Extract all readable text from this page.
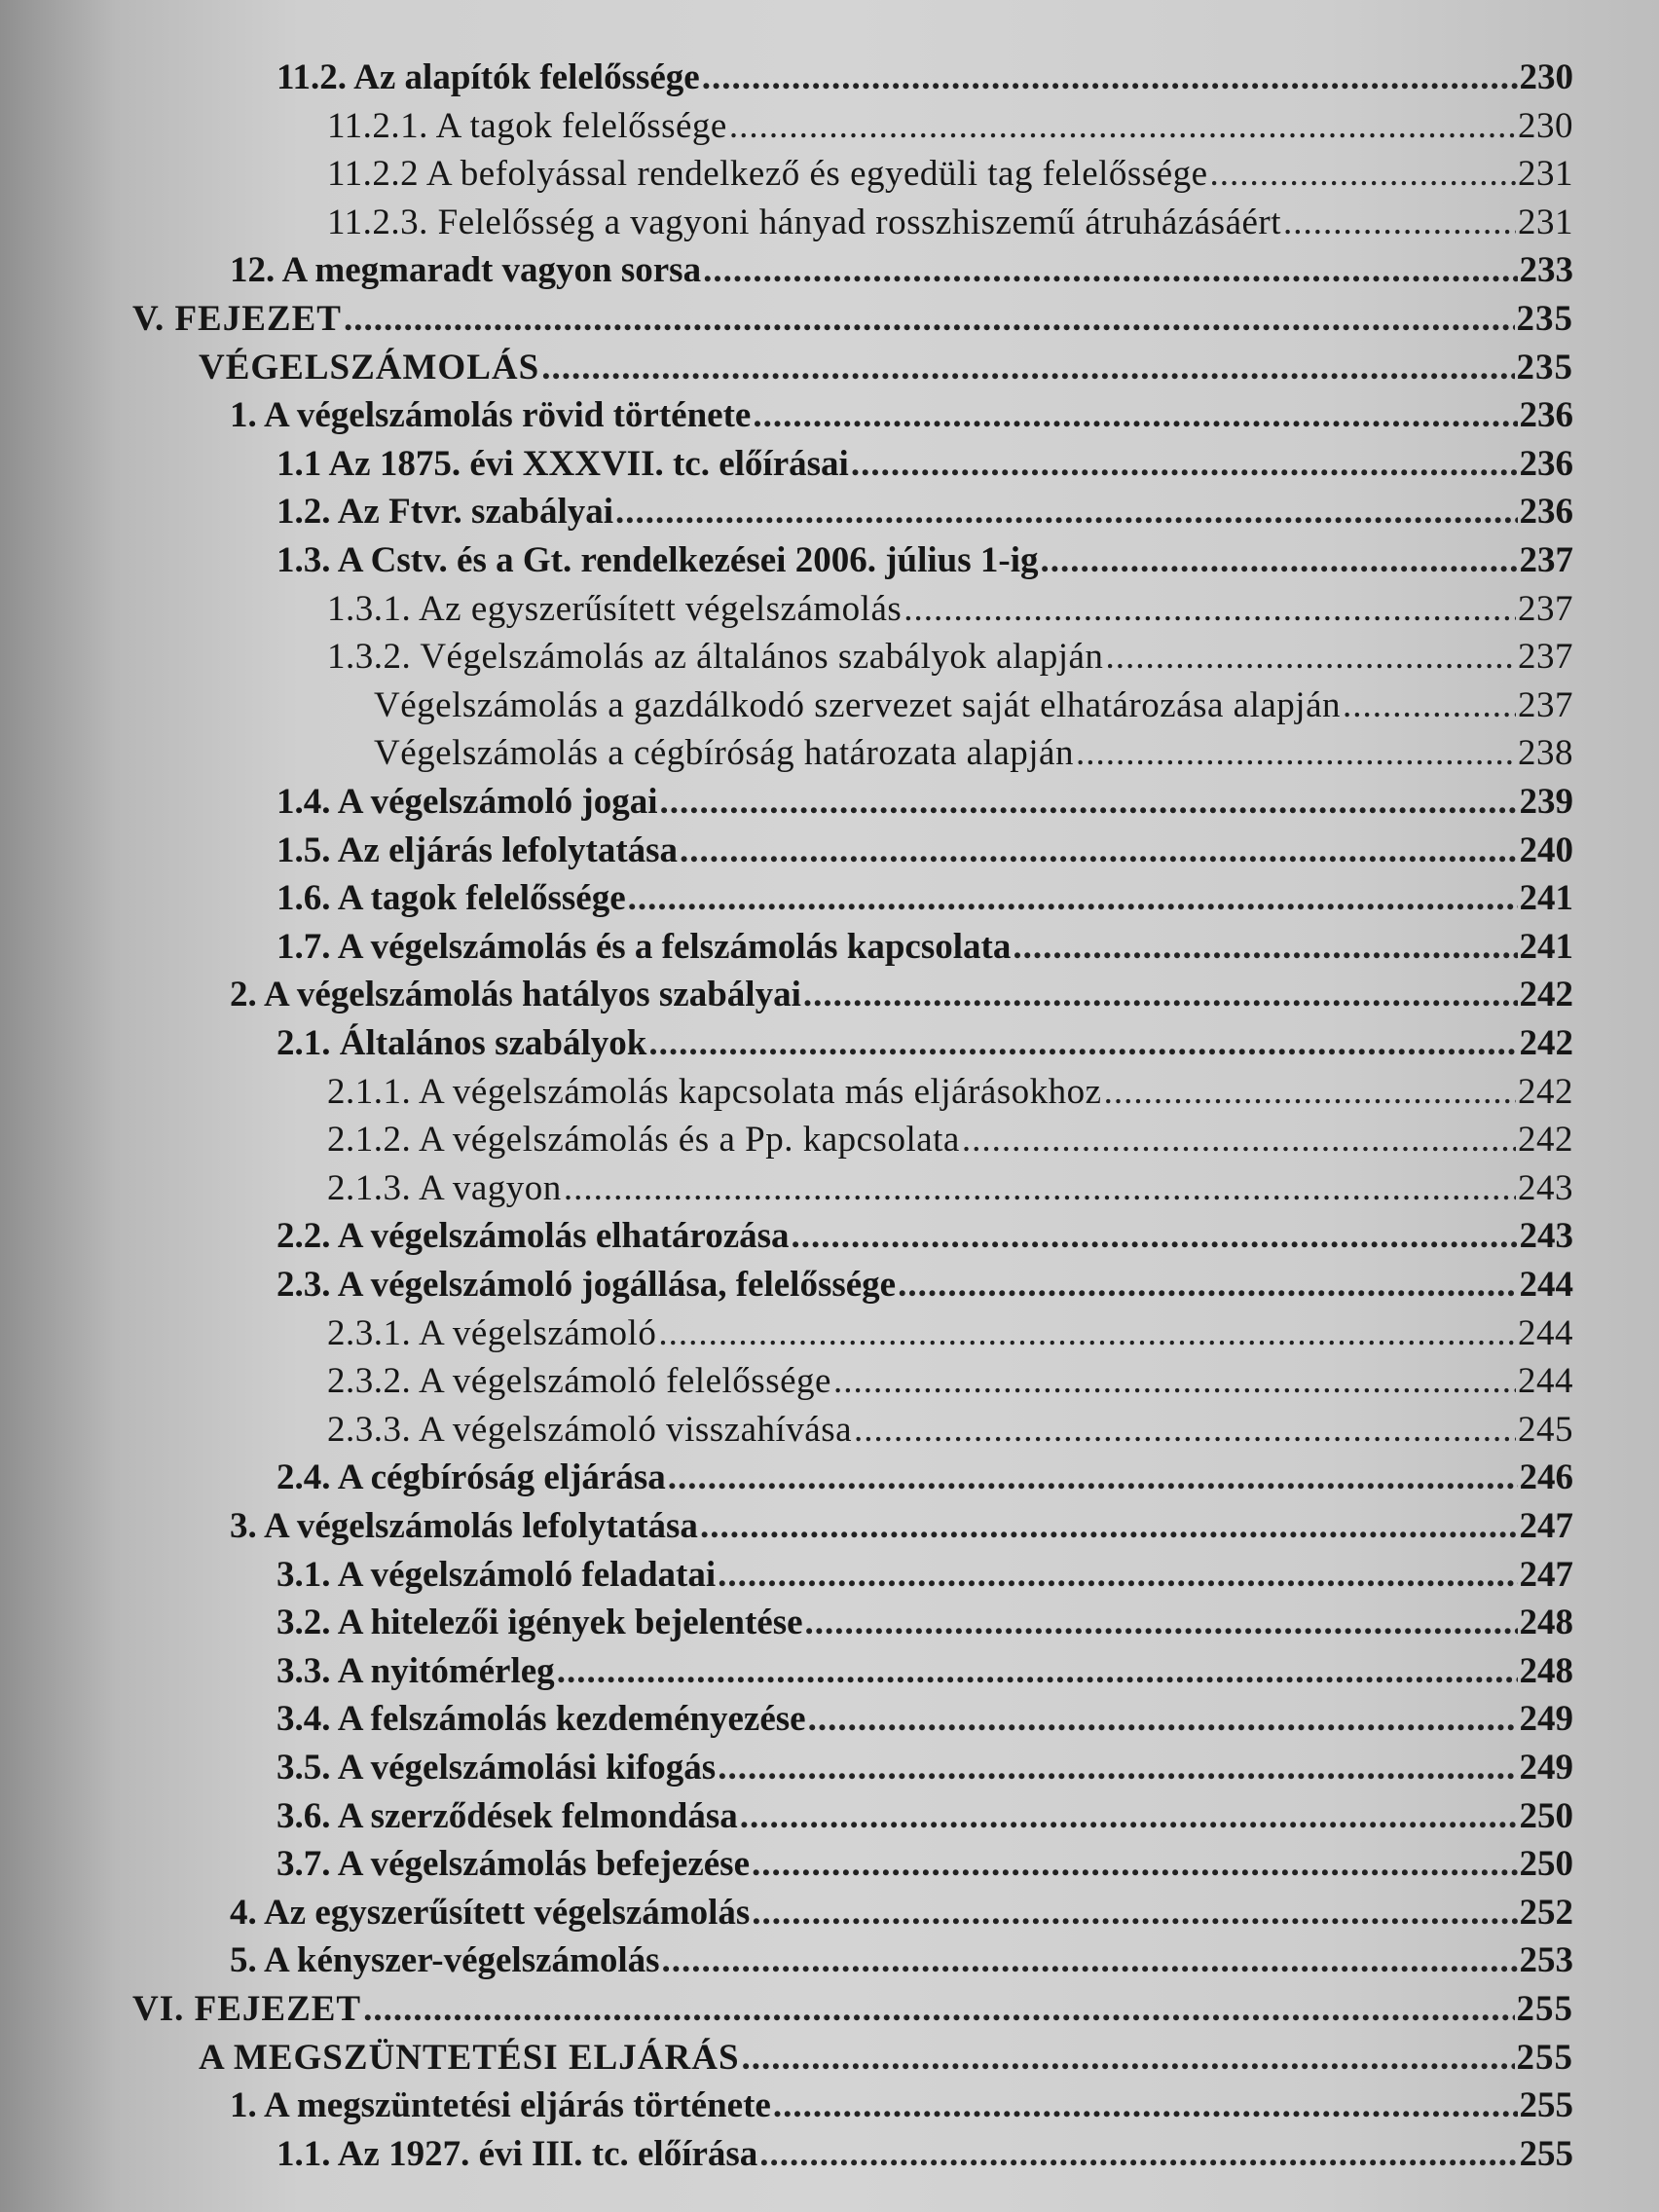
11.2. Az alapítók felelőssége .....	230
11.2.1. A tagok felelőssége .....	230
11.2.2 A befolyással rendelkező és egyedüli tag felelőssége .....	231
11.2.3. Felelősség a vagyoni hányad rosszhiszemű átruházásáért .....	231
12. A megmaradt vagyon sorsa .....	233
V. FEJEZET .....	235
VÉGELSZÁMOLÁS .....	235
1. A végelszámolás rövid története .....	236
1.1 Az 1875. évi XXXVII. tc. előírásai .....	236
1.2. Az Ftvr. szabályai .....	236
1.3. A Cstv. és a Gt. rendelkezései 2006. július 1-ig .....	237
1.3.1. Az egyszerűsített végelszámolás .....	237
1.3.2. Végelszámolás az általános szabályok alapján .....	237
Végelszámolás a gazdálkodó szervezet saját elhatározása alapján .....	237
Végelszámolás a cégbíróság határozata alapján .....	238
1.4. A végelszámoló jogai .....	239
1.5. Az eljárás lefolytatása .....	240
1.6. A tagok felelőssége .....	241
1.7. A végelszámolás és a felszámolás kapcsolata .....	241
2. A végelszámolás hatályos szabályai .....	242
2.1. Általános szabályok .....	242
2.1.1. A végelszámolás kapcsolata más eljárásokhoz .....	242
2.1.2. A végelszámolás és a Pp. kapcsolata .....	242
2.1.3. A vagyon .....	243
2.2. A végelszámolás elhatározása .....	243
2.3. A végelszámoló jogállása, felelőssége .....	244
2.3.1. A végelszámoló .....	244
2.3.2. A végelszámoló felelőssége .....	244
2.3.3. A végelszámoló visszahívása .....	245
2.4. A cégbíróság eljárása .....	246
3. A végelszámolás lefolytatása .....	247
3.1. A végelszámoló feladatai .....	247
3.2. A hitelezői igények bejelentése .....	248
3.3. A nyitómérleg .....	248
3.4. A felszámolás kezdeményezése .....	249
3.5. A végelszámolási kifogás .....	249
3.6. A szerződések felmondása .....	250
3.7. A végelszámolás befejezése .....	250
4. Az egyszerűsített végelszámolás .....	252
5. A kényszer-végelszámolás .....	253
VI. FEJEZET .....	255
A MEGSZÜNTETÉSI ELJÁRÁS .....	255
1. A megszüntetési eljárás története .....	255
1.1. Az 1927. évi III. tc. előírása .....	255
